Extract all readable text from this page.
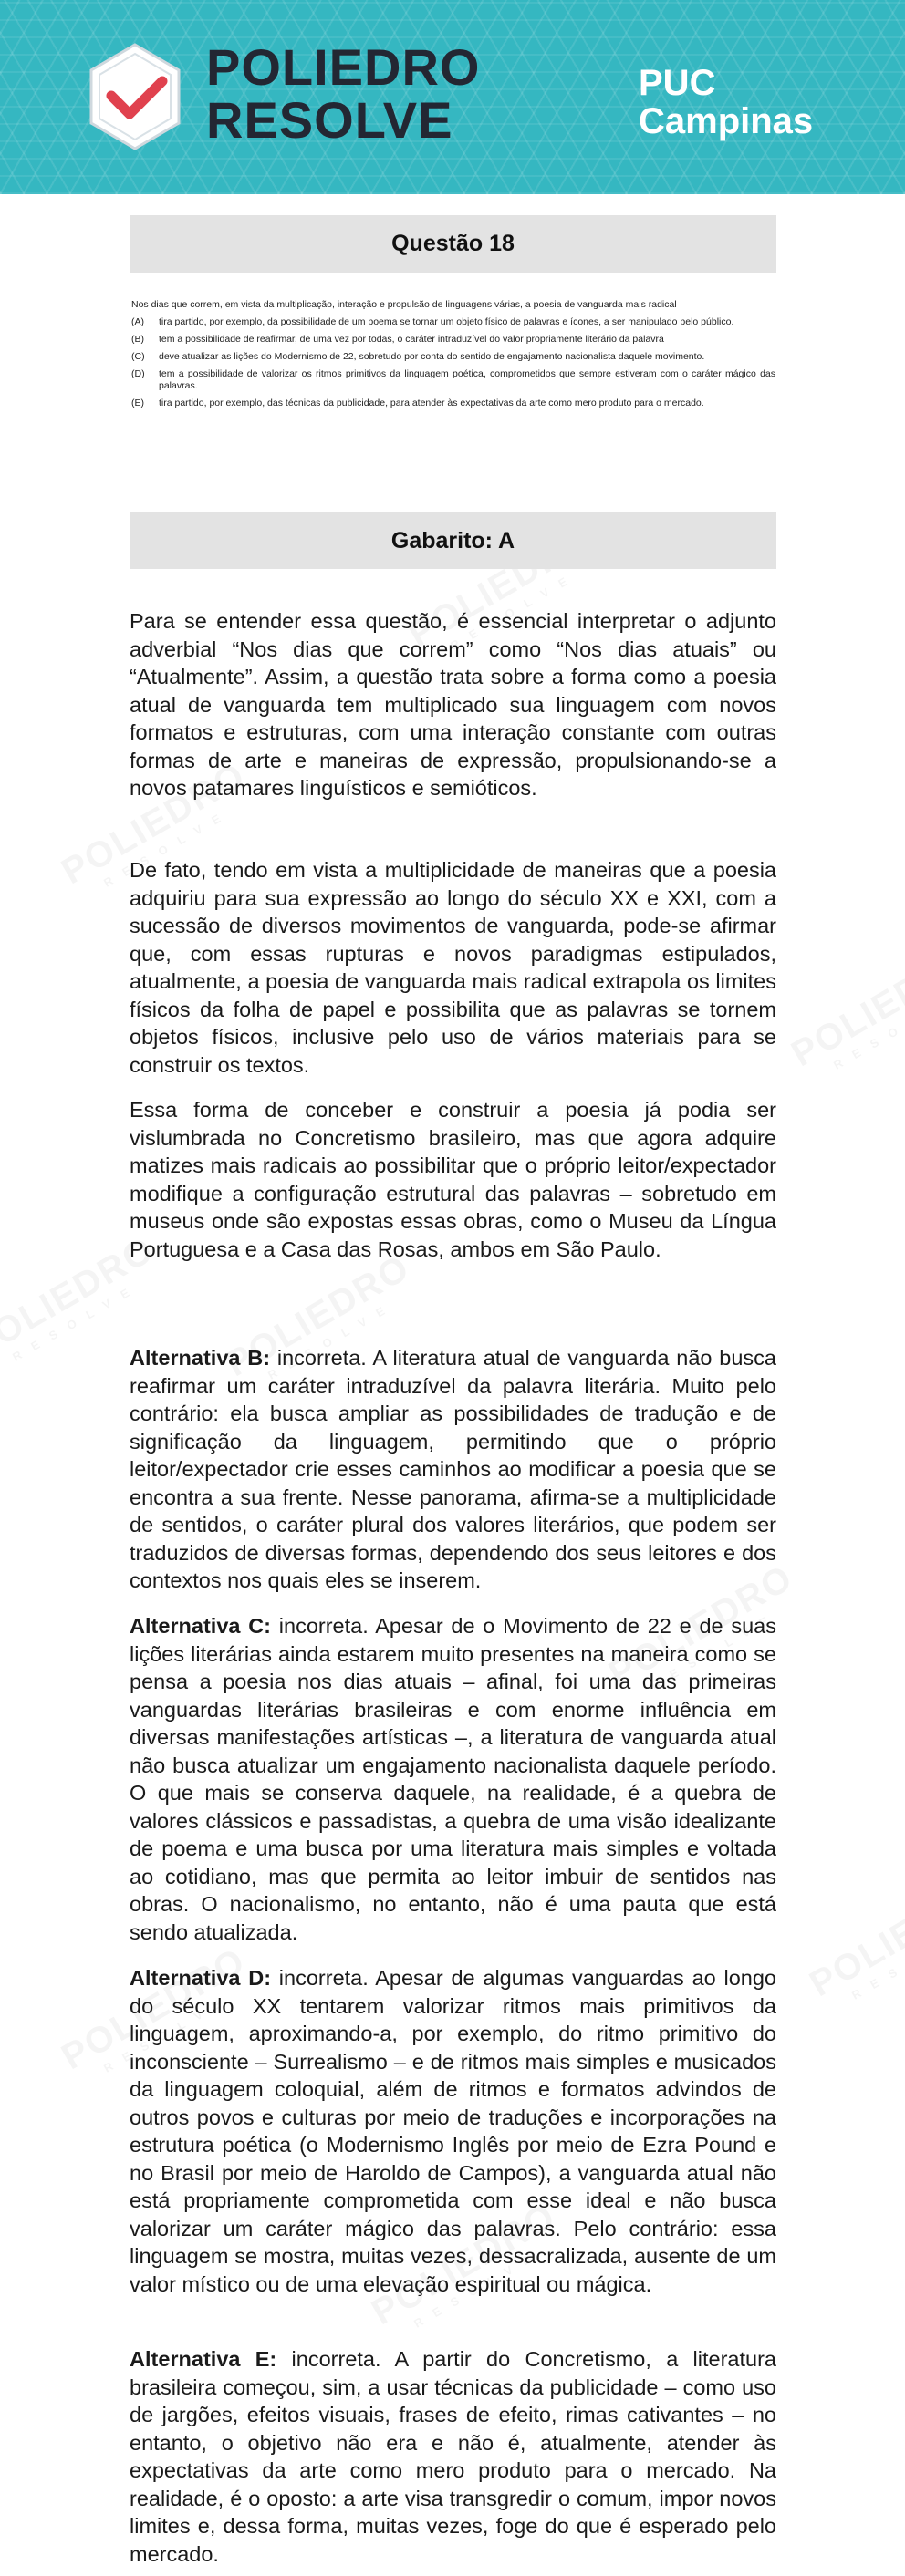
POLIEDRO
RESOLVE
PUC
Campinas
Questão 18
Nos dias que correm, em vista da multiplicação, interação e propulsão de linguagens várias, a poesia de vanguarda mais radical
(A)	tira partido, por exemplo, da possibilidade de um poema se tornar um objeto físico de palavras e ícones, a ser manipulado pelo público.
(B)	tem a possibilidade de reafirmar, de uma vez por todas, o caráter intraduzível do valor propriamente literário da palavra
(C)	deve atualizar as lições do Modernismo de 22, sobretudo por conta do sentido de engajamento nacionalista daquele movimento.
(D)	tem a possibilidade de valorizar os ritmos primitivos da linguagem poética, comprometidos que sempre estiveram com o caráter mágico das palavras.
(E)	tira partido, por exemplo, das técnicas da publicidade, para atender às expectativas da arte como mero produto para o mercado.
Gabarito: A

Para se entender essa questão, é essencial interpretar o adjunto adverbial “Nos dias que correm” como “Nos dias atuais” ou “Atualmente”. Assim, a questão trata sobre a forma como a poesia atual de vanguarda tem multiplicado sua linguagem com novos formatos e estruturas, com uma interação constante com outras formas de arte e maneiras de expressão, propulsionando-se a novos patamares linguísticos e semióticos.

De fato, tendo em vista a multiplicidade de maneiras que a poesia adquiriu para sua expressão ao longo do século XX e XXI, com a sucessão de diversos movimentos de vanguarda, pode-se afirmar que, com essas rupturas e novos paradigmas estipulados, atualmente, a poesia de vanguarda mais radical extrapola os limites físicos da folha de papel e possibilita que as palavras se tornem objetos físicos, inclusive pelo uso de vários materiais para se construir os textos.

Essa forma de conceber e construir a poesia já podia ser vislumbrada no Concretismo brasileiro, mas que agora adquire matizes mais radicais ao possibilitar que o próprio leitor/expectador modifique a configuração estrutural das palavras – sobretudo em museus onde são expostas essas obras, como o Museu da Língua Portuguesa e a Casa das Rosas, ambos em São Paulo.

Alternativa B: incorreta. A literatura atual de vanguarda não busca reafirmar um caráter intraduzível da palavra literária. Muito pelo contrário: ela busca ampliar as possibilidades de tradução e de significação da linguagem, permitindo que o próprio leitor/expectador crie esses caminhos ao modificar a poesia que se encontra a sua frente. Nesse panorama, afirma-se a multiplicidade de sentidos, o caráter plural dos valores literários, que podem ser traduzidos de diversas formas, dependendo dos seus leitores e dos contextos nos quais eles se inserem.

Alternativa C: incorreta. Apesar de o Movimento de 22 e de suas lições literárias ainda estarem muito presentes na maneira como se pensa a poesia nos dias atuais – afinal, foi uma das primeiras vanguardas literárias brasileiras e com enorme influência em diversas manifestações artísticas –, a literatura de vanguarda atual não busca atualizar um engajamento nacionalista daquele período. O que mais se conserva daquele, na realidade, é a quebra de valores clássicos e passadistas, a quebra de uma visão idealizante de poema e uma busca por uma literatura mais simples e voltada ao cotidiano, mas que permita ao leitor imbuir de sentidos nas obras. O nacionalismo, no entanto, não é uma pauta que está sendo atualizada.

Alternativa D: incorreta. Apesar de algumas vanguardas ao longo do século XX tentarem valorizar ritmos mais primitivos da linguagem, aproximando-a, por exemplo, do ritmo primitivo do inconsciente – Surrealismo – e de ritmos mais simples e musicados da linguagem coloquial, além de ritmos e formatos advindos de outros povos e culturas por meio de traduções e incorporações na estrutura poética (o Modernismo Inglês por meio de Ezra Pound e no Brasil por meio de Haroldo de Campos), a vanguarda atual não está propriamente comprometida com esse ideal e não busca valorizar um caráter mágico das palavras. Pelo contrário: essa linguagem se mostra, muitas vezes, dessacralizada, ausente de um valor místico ou de uma elevação espiritual ou mágica.

Alternativa E: incorreta. A partir do Concretismo, a literatura brasileira começou, sim, a usar técnicas da publicidade – como uso de jargões, efeitos visuais, frases de efeito, rimas cativantes – no entanto, o objetivo não era e não é, atualmente, atender às expectativas da arte como mero produto para o mercado. Na realidade, é o oposto: a arte visa transgredir o comum, impor novos limites e, dessa forma, muitas vezes, foge do que é esperado pelo mercado.
